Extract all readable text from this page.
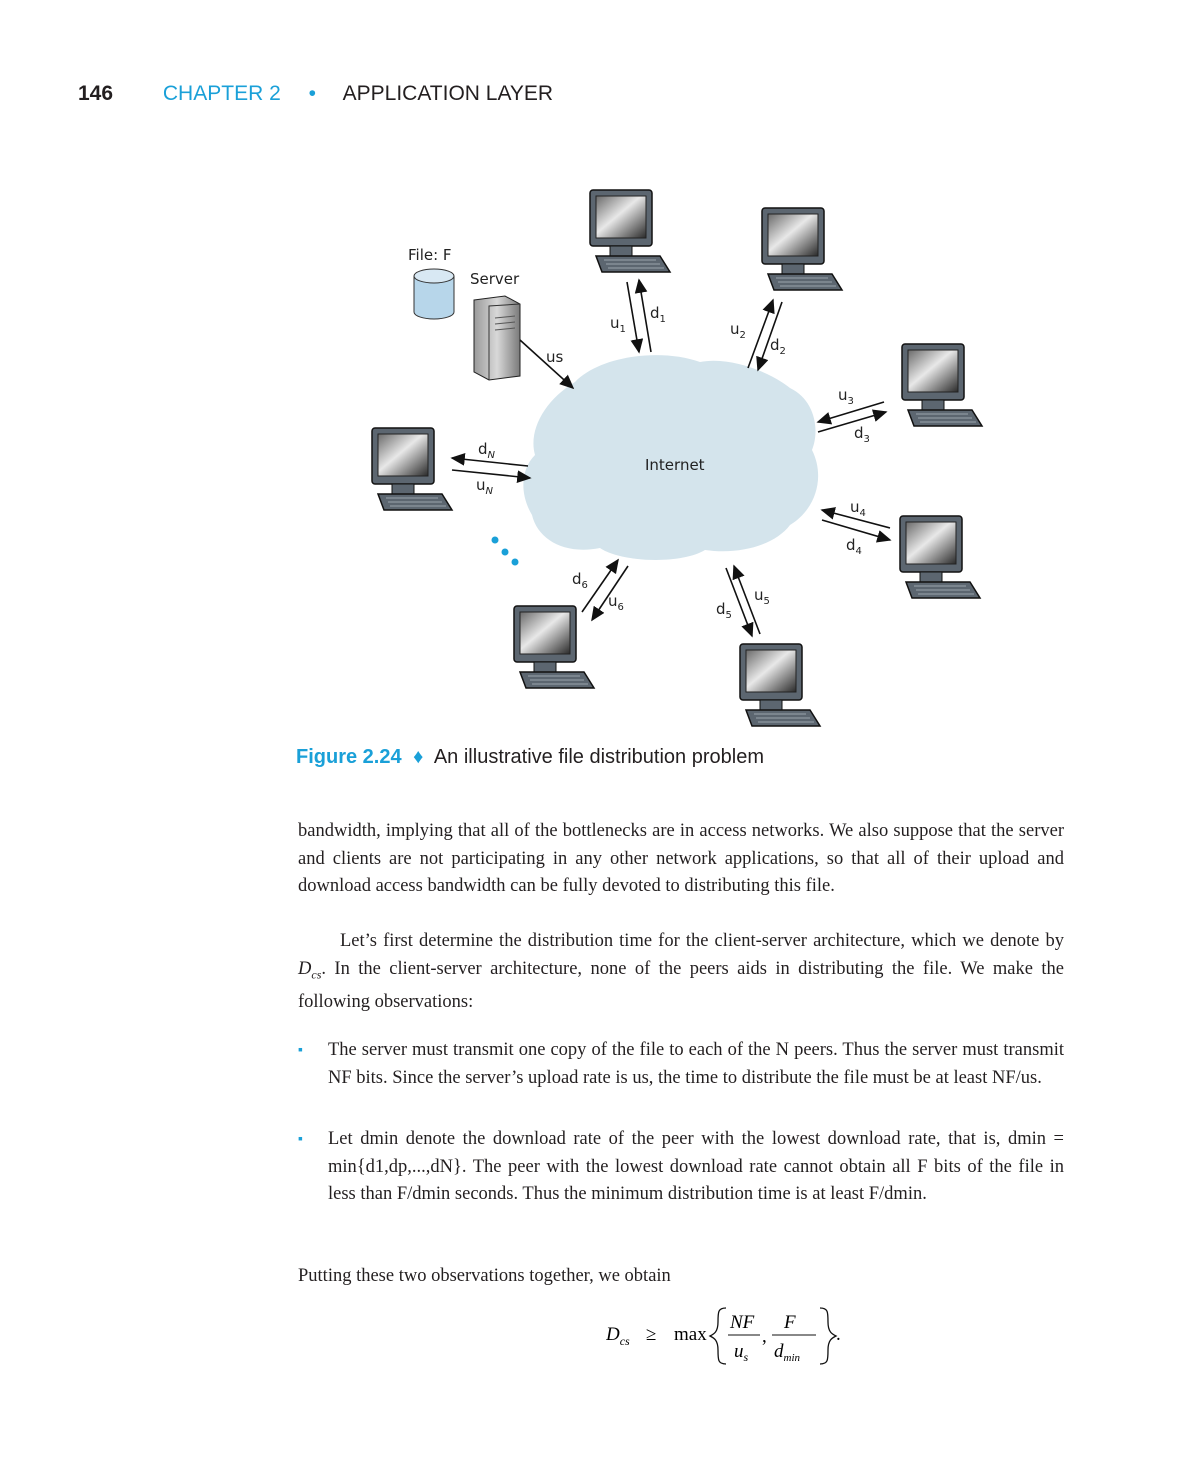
146 CHAPTER 2 • APPLICATION LAYER
Internet
File: F
Server
us
$u_1$
$d_1$
$u_2$
$d_2$
$u_3$
$d_3$
$u_4$
$d_4$
$u_5$
$d_5$
$d_6$
$u_6$
$d_N$
$u_N$
Figure 2.24 ♦ An illustrative file distribution problem
bandwidth, implying that all of the bottlenecks are in access networks. We also suppose that the server and clients are not participating in any other network applications, so that all of their upload and download access bandwidth can be fully devoted to distributing this file.
Let’s first determine the distribution time for the client-server architecture, which we denote by $D_{cs}$. In the client-server architecture, none of the peers aids in distributing the file. We make the following observations:
▪ The server must transmit one copy of the file to each of the N peers. Thus the server must transmit NF bits. Since the server’s upload rate is us, the time to distribute the file must be at least NF/us.
▪ Let dmin denote the download rate of the peer with the lowest download rate, that is, dmin = min{d1,dp,...,dN}. The peer with the lowest download rate cannot obtain all F bits of the file in less than F/dmin seconds. Thus the minimum distribution time is at least F/dmin.
Putting these two observations together, we obtain
$D_{cs} \ge \max$
NF
$u_s$
,
F
$d_{min}$
.
